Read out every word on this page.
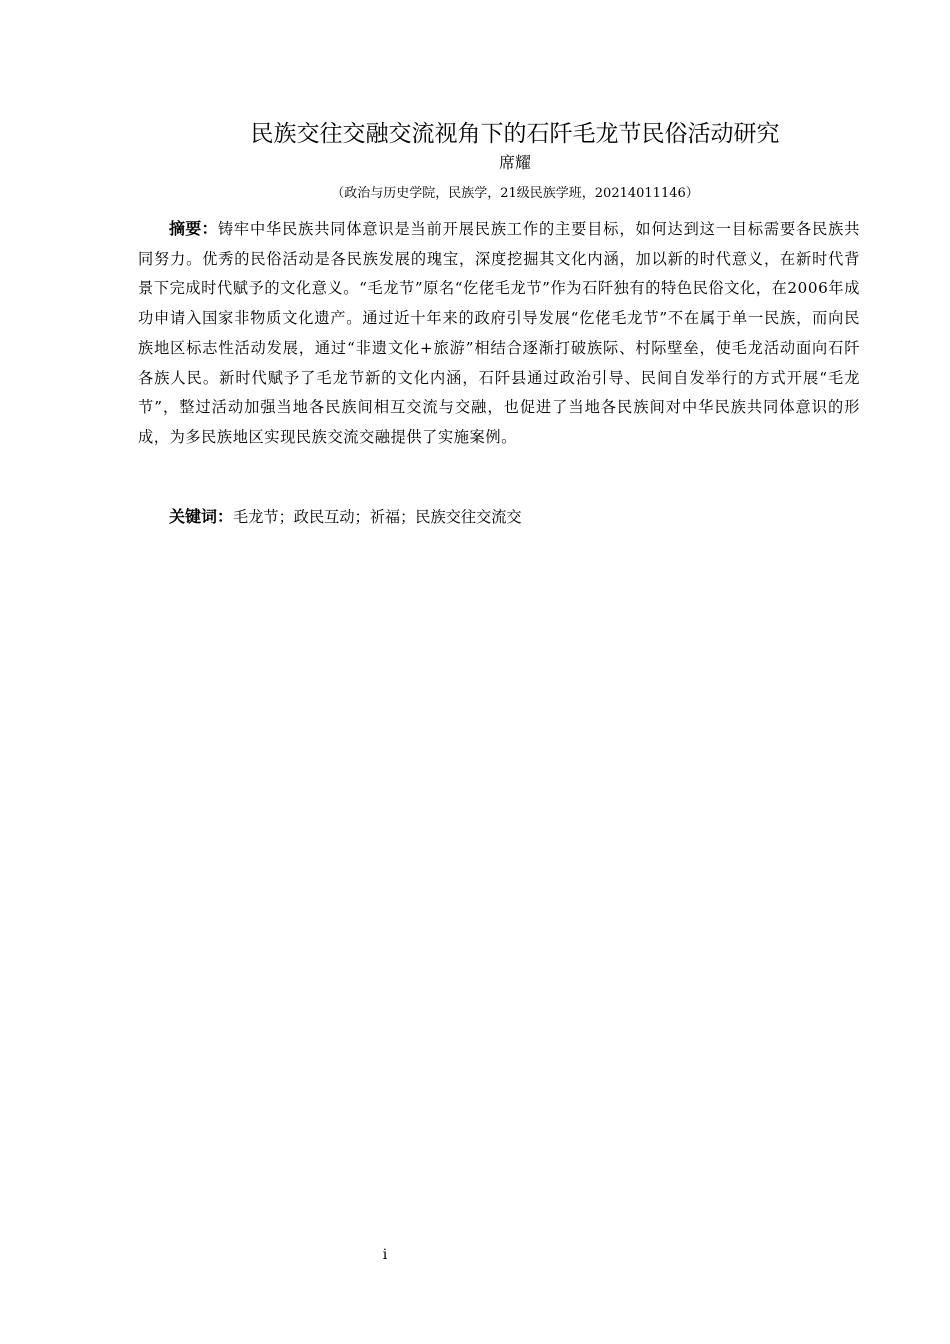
民族交往交融交流视角下的石阡毛龙节民俗活动研究
席耀
（政治与历史学院，民族学，21级民族学班，20214011146）

摘要：铸牢中华民族共同体意识是当前开展民族工作的主要目标，如何达到这一目标需要各民族共同努力。优秀的民俗活动是各民族发展的瑰宝，深度挖掘其文化内涵，加以新的时代意义，在新时代背景下完成时代赋予的文化意义。“毛龙节”原名“仡佬毛龙节”作为石阡独有的特色民俗文化，在2006年成功申请入国家非物质文化遗产。通过近十年来的政府引导发展“仡佬毛龙节”不在属于单一民族，而向民族地区标志性活动发展，通过“非遗文化+旅游”相结合逐渐打破族际、村际壁垒，使毛龙活动面向石阡各族人民。新时代赋予了毛龙节新的文化内涵，石阡县通过政治引导、民间自发举行的方式开展“毛龙节”，整过活动加强当地各民族间相互交流与交融，也促进了当地各民族间对中华民族共同体意识的形成，为多民族地区实现民族交流交融提供了实施案例。

关键词：毛龙节；政民互动；祈福；民族交往交流交

i
